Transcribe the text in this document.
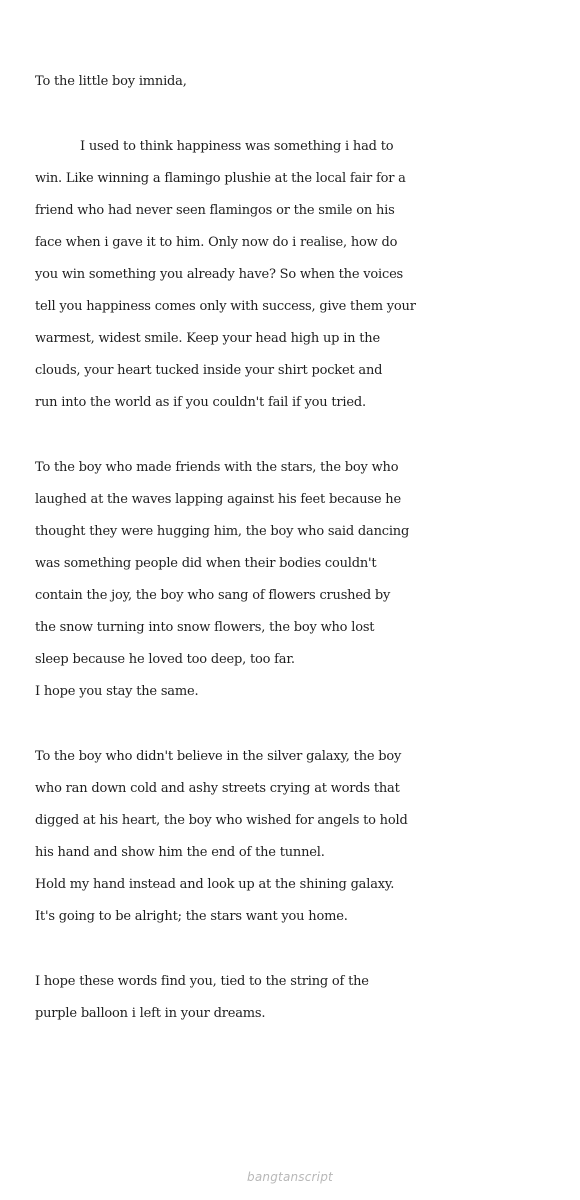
To the little boy imnida,
I used to think happiness was something i had to
win. Like winning a flamingo plushie at the local fair for a
friend who had never seen flamingos or the smile on his
face when i gave it to him. Only now do i realise, how do
you win something you already have? So when the voices
tell you happiness comes only with success, give them your
warmest, widest smile. Keep your head high up in the
clouds, your heart tucked inside your shirt pocket and
run into the world as if you couldn't fail if you tried.
To the boy who made friends with the stars, the boy who
laughed at the waves lapping against his feet because he
thought they were hugging him, the boy who said dancing
was something people did when their bodies couldn't
contain the joy, the boy who sang of flowers crushed by
the snow turning into snow flowers, the boy who lost
sleep because he loved too deep, too far.
I hope you stay the same.
To the boy who didn't believe in the silver galaxy, the boy
who ran down cold and ashy streets crying at words that
digged at his heart, the boy who wished for angels to hold
his hand and show him the end of the tunnel.
Hold my hand instead and look up at the shining galaxy.
It's going to be alright; the stars want you home.
I hope these words find you, tied to the string of the
purple balloon i left in your dreams.
bangtanscript
